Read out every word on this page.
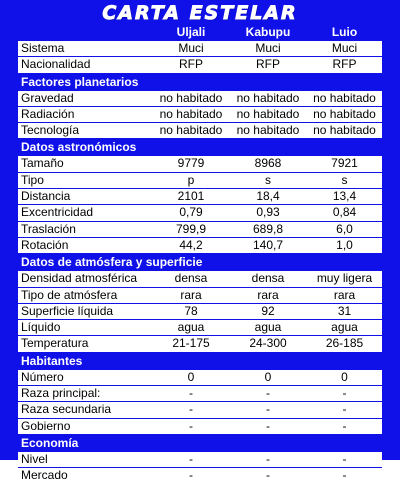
CARTA ESTELAR
Uljali	Kabupu	Luio
Sistema	Muci	Muci	Muci
Nacionalidad	RFP	RFP	RFP
Factores planetarios
Gravedad	no habitado	no habitado	no habitado
Radiación	no habitado	no habitado	no habitado
Tecnología	no habitado	no habitado	no habitado
Datos astronómicos
Tamaño	9779	8968	7921
Tipo	p	s	s
Distancia	2101	18,4	13,4
Excentricidad	0,79	0,93	0,84
Traslación	799,9	689,8	6,0
Rotación	44,2	140,7	1,0
Datos de atmósfera y superficie
Densidad atmosférica	densa	densa	muy ligera
Tipo de atmósfera	rara	rara	rara
Superficie líquida	78	92	31
Líquido	agua	agua	agua
Temperatura	21-175	24-300	26-185
Habitantes
Número	0	0	0
Raza principal:	-	-	-
Raza secundaria	-	-	-
Gobierno	-	-	-
Economía
Nivel	-	-	-
Mercado	-	-	-
